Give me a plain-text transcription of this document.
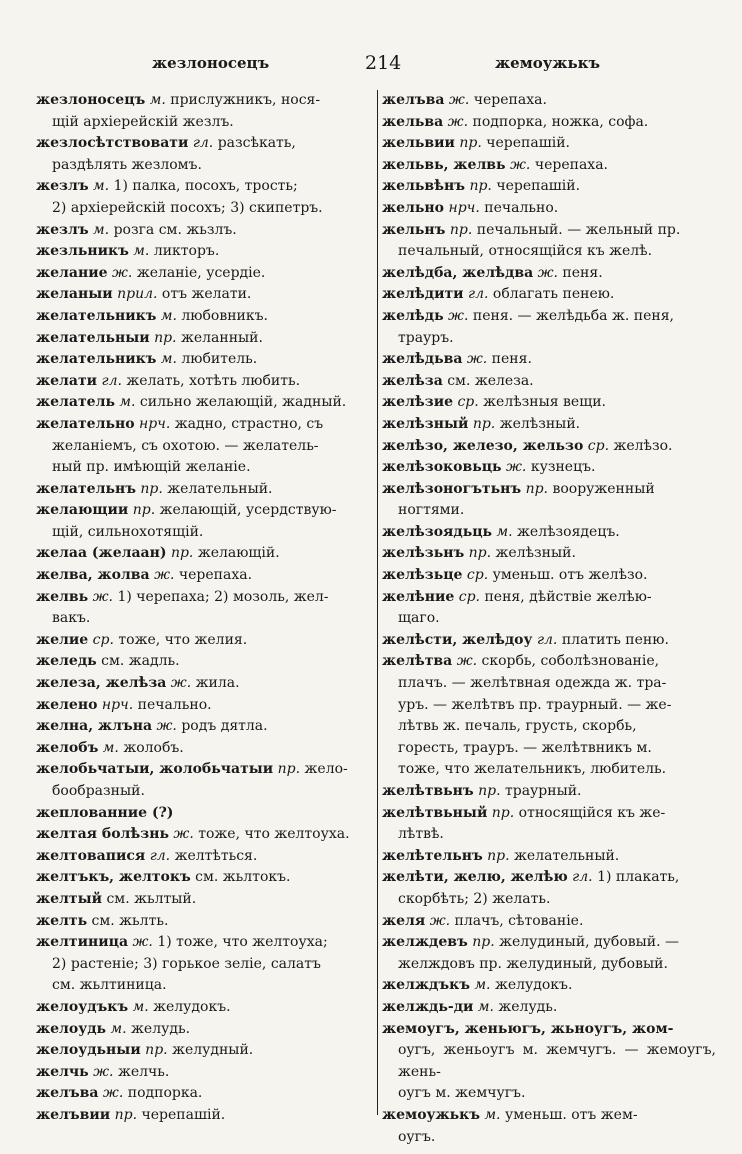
жезлоносецъ	214	жемоужькъ
жезлоносецъ м. прислужникъ, нося-
щій архіерейскій жезлъ.
жезлосѣтствовати гл. разсѣкать,
раздѣлять жезломъ.
жезлъ м. 1) палка, посохъ, трость;
2) архіерейскій посохъ; 3) скипетръ.
жезлъ м. розга см. жьзлъ.
жезльникъ м. ликторъ.
желание ж. желаніе, усердіе.
желаныи прил. отъ желати.
желательникъ м. любовникъ.
желательныи пр. желанный.
желательникъ м. любитель.
желати гл. желать, хотѣть любить.
желатель м. сильно желающій, жадный.
желательно нрч. жадно, страстно, съ
желаніемъ, съ охотою. — желатель-
ный пр. имѣющій желаніе.
желательнъ пр. желательный.
желающии пр. желающій, усердствую-
щій, сильнохотящій.
желаа (желаан) пр. желающій.
желва, жолва ж. черепаха.
желвь ж. 1) черепаха; 2) мозоль, жел-
вакъ.
желие ср. тоже, что желия.
желедь см. жадль.
железа, желѣза ж. жила.
желено нрч. печально.
желна, жлъна ж. родъ дятла.
желобъ м. жолобъ.
желобьчатыи, жолобьчатыи пр. жело-
бообразный.
жеплованние (?)
желтая болѣзнь ж. тоже, что желтоуха.
желтовапися гл. желтѣться.
желтъкъ, желтокъ см. жьлтокъ.
желтый см. жьлтый.
желть см. жьлть.
желтиница ж. 1) тоже, что желтоуха;
2) растеніе; 3) горькое зеліе, салатъ
см. жьлтиница.
желоудъкъ м. желудокъ.
желоудь м. желудь.
желоудьныи пр. желудный.
желчь ж. желчь.
желъва ж. подпорка.
желъвии пр. черепашій.
желъва ж. черепаха.
жельва ж. подпорка, ножка, софа.
жельвии пр. черепашій.
жельвь, желвь ж. черепаха.
жельвѣнъ пр. черепашій.
жельно нрч. печально.
жельнъ пр. печальный. — жельный пр.
печальный, относящійся къ желѣ.
желѣдба, желѣдва ж. пеня.
желѣдити гл. облагать пенею.
желѣдь ж. пеня. — желѣдьба ж. пеня,
трауръ.
желѣдьва ж. пеня.
желѣза см. железа.
желѣзие ср. желѣзныя вещи.
желѣзный пр. желѣзный.
желѣзо, железо, жельзо ср. желѣзо.
желѣзоковьць ж. кузнецъ.
желѣзоногътьнъ пр. вооруженный
ногтями.
желѣзоядьць м. желѣзоядецъ.
желѣзьнъ пр. желѣзный.
желѣзьце ср. уменьш. отъ желѣзо.
желѣние ср. пеня, дѣйствіе желѣю-
щаго.
желѣсти, желѣдоу гл. платить пеню.
желѣтва ж. скорбь, соболѣзнованіе,
плачъ. — желѣтвная одежда ж. тра-
уръ. — желѣтвъ пр. траурный. — же-
лѣтвь ж. печаль, грусть, скорбь,
горесть, трауръ. — желѣтвникъ м.
тоже, что желательникъ, любитель.
желѣтвьнъ пр. траурный.
желѣтвьный пр. относящійся къ же-
лѣтвѣ.
желѣтельнъ пр. желательный.
желѣти, желю, желѣю гл. 1) плакать,
скорбѣть; 2) желать.
желя ж. плачъ, сѣтованіе.
желждевъ пр. желудиный, дубовый. —
желждовъ пр. желудиный, дубовый.
желждъкъ м. желудокъ.
желждь-ди м. желудь.
жемоугъ, женьюгъ, жьноугъ, жом-
оугъ, женьоугъ м. жемчугъ. — жемоугъ, жень-
оугъ м. жемчугъ.
жемоужькъ м. уменьш. отъ жем-
оугъ.
